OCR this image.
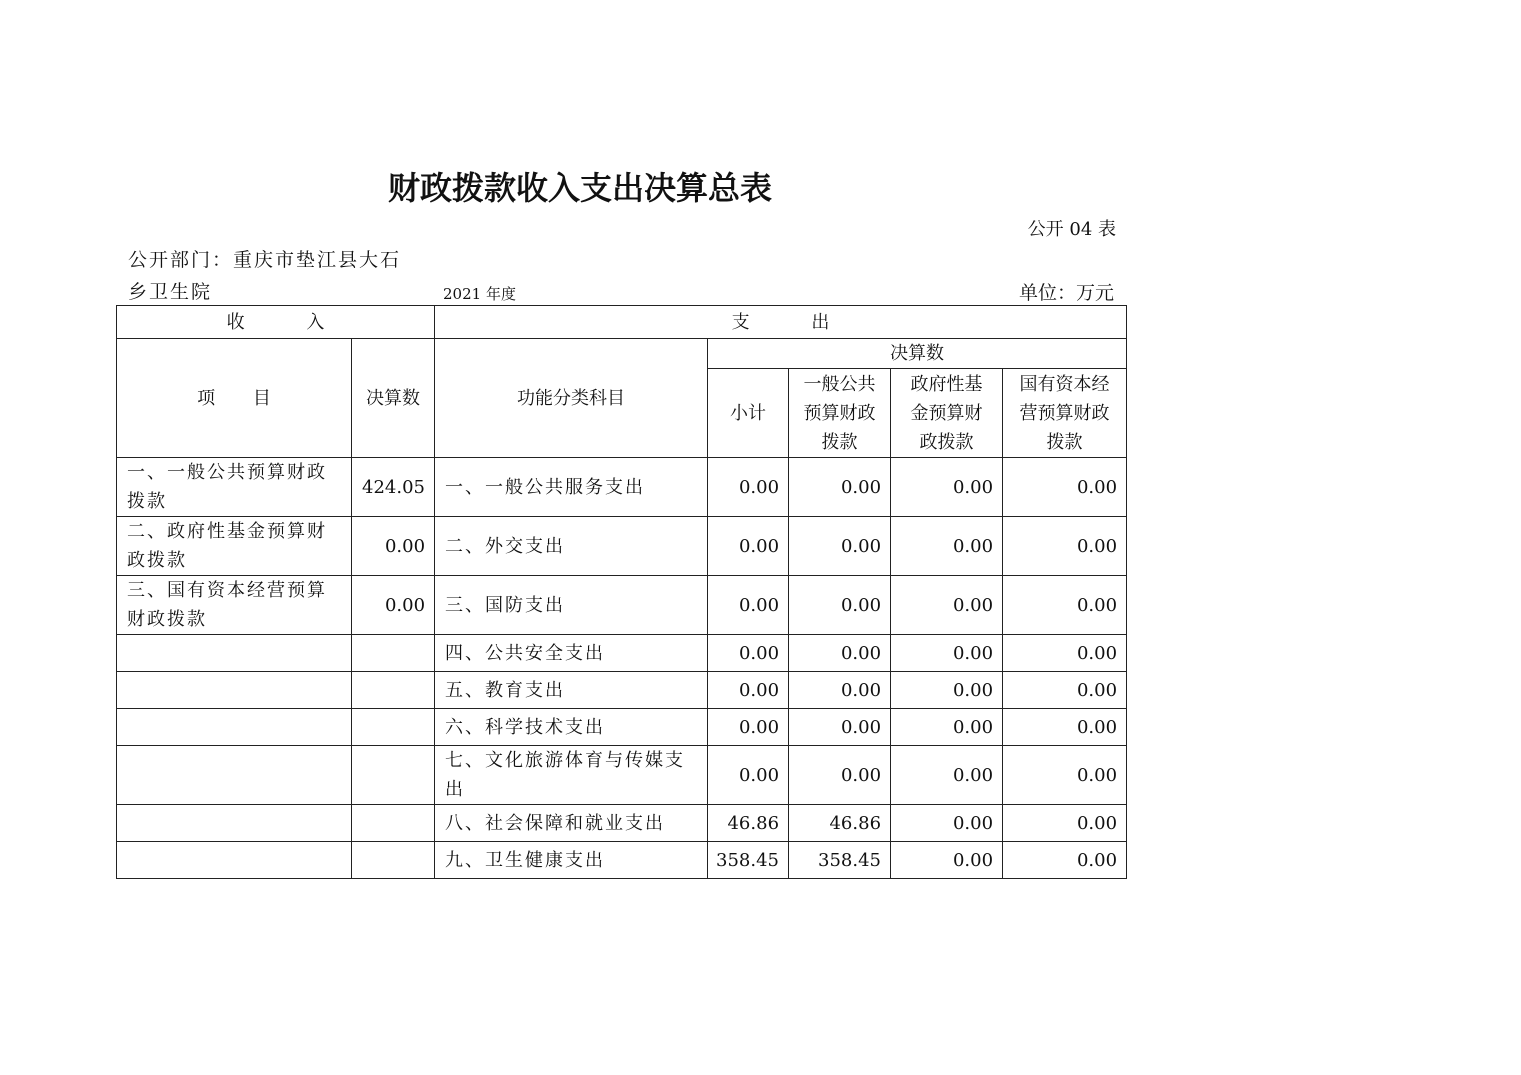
财政拨款收入支出决算总表
公开 04 表
公开部门：重庆市垫江县大石乡卫生院	2021 年度	单位：万元
收 入		支 出				
项 目	决算数	功能分类科目	决算数			
			小计	一般公共预算财政拨款	政府性基金预算财政拨款	国有资本经营预算财政拨款
一、一般公共预算财政拨款	424.05	一、一般公共服务支出	0.00	0.00	0.00	0.00
二、政府性基金预算财政拨款	0.00	二、外交支出	0.00	0.00	0.00	0.00
三、国有资本经营预算财政拨款	0.00	三、国防支出	0.00	0.00	0.00	0.00
		四、公共安全支出	0.00	0.00	0.00	0.00
		五、教育支出	0.00	0.00	0.00	0.00
		六、科学技术支出	0.00	0.00	0.00	0.00
		七、文化旅游体育与传媒支出	0.00	0.00	0.00	0.00
		八、社会保障和就业支出	46.86	46.86	0.00	0.00
		九、卫生健康支出	358.45	358.45	0.00	0.00
